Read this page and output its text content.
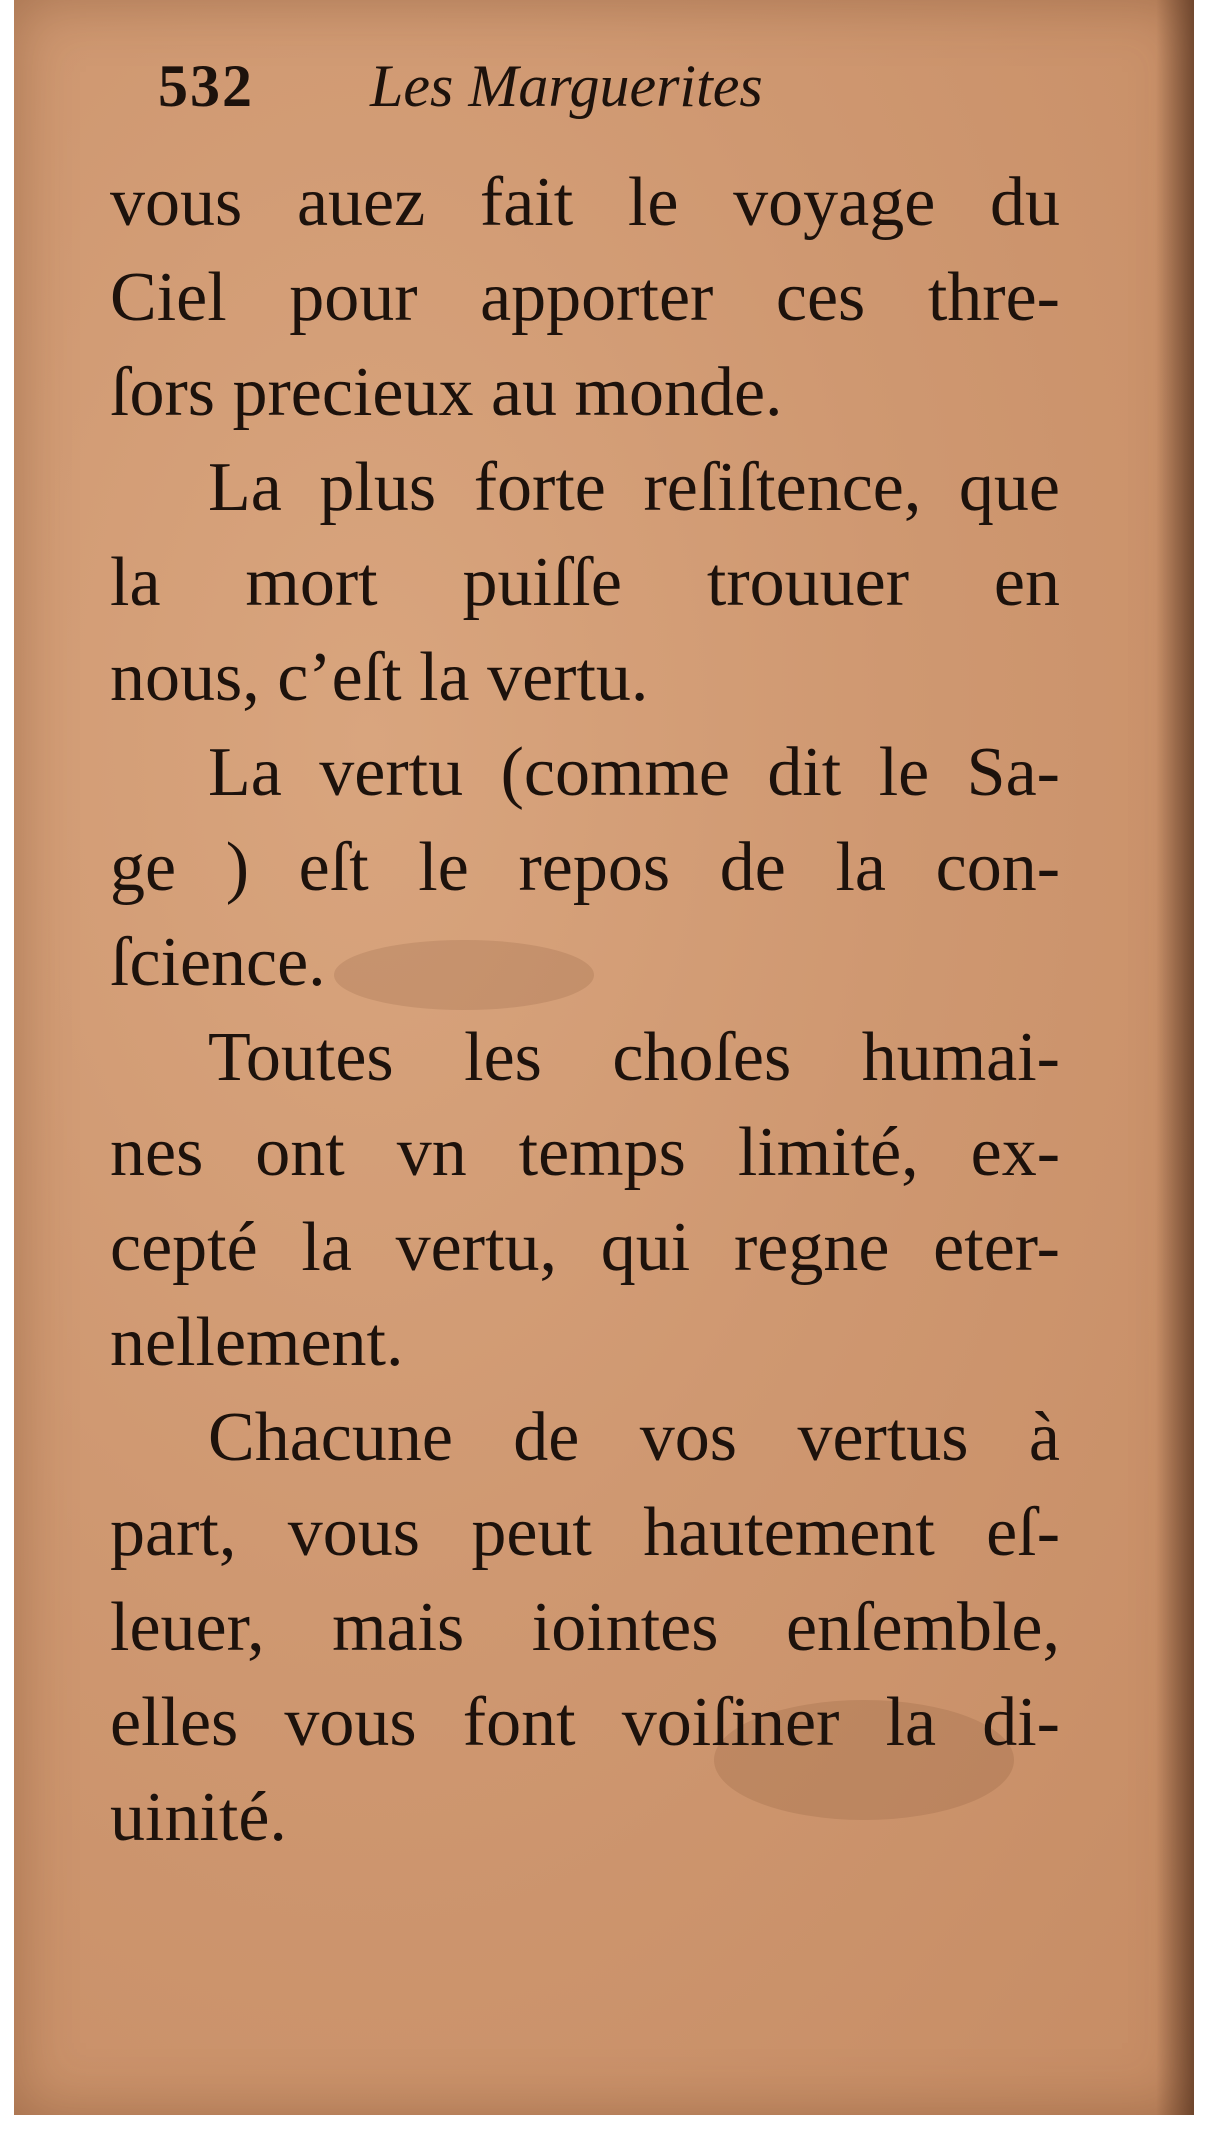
532 Les Marguerites
vous auez fait le voyage du
Ciel pour apporter ces thre-
ſors precieux au monde.
La plus forte reſiſtence, que
la mort puiſſe trouuer en
nous, c’eſt la vertu.
La vertu (comme dit le Sa-
ge ) eſt le repos de la con-
ſcience.
Toutes les choſes humai-
nes ont vn temps limité, ex-
cepté la vertu, qui regne eter-
nellement.
Chacune de vos vertus à
part, vous peut hautement eſ-
leuer, mais iointes enſemble,
elles vous font voiſiner la di-
uinité.
